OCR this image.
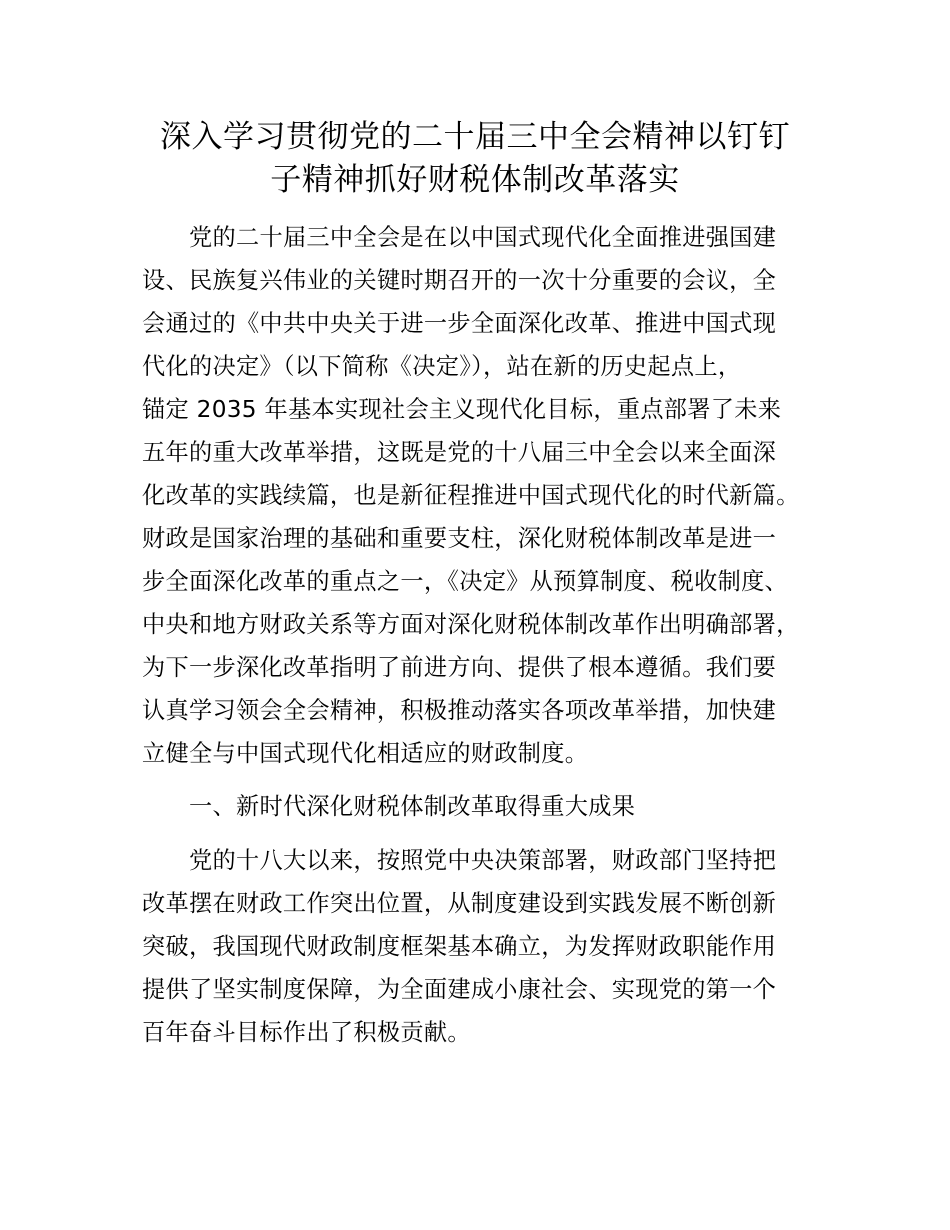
深入学习贯彻党的二十届三中全会精神以钉钉
子精神抓好财税体制改革落实
党的二十届三中全会是在以中国式现代化全面推进强国建
设、民族复兴伟业的关键时期召开的一次十分重要的会议，全
会通过的《中共中央关于进一步全面深化改革、推进中国式现
代化的决定》（以下简称《决定》），站在新的历史起点上，
锚定 2035 年基本实现社会主义现代化目标，重点部署了未来
五年的重大改革举措，这既是党的十八届三中全会以来全面深
化改革的实践续篇，也是新征程推进中国式现代化的时代新篇。
财政是国家治理的基础和重要支柱，深化财税体制改革是进一
步全面深化改革的重点之一，《决定》从预算制度、税收制度、
中央和地方财政关系等方面对深化财税体制改革作出明确部署，
为下一步深化改革指明了前进方向、提供了根本遵循。我们要
认真学习领会全会精神，积极推动落实各项改革举措，加快建
立健全与中国式现代化相适应的财政制度。
一、新时代深化财税体制改革取得重大成果
党的十八大以来，按照党中央决策部署，财政部门坚持把
改革摆在财政工作突出位置，从制度建设到实践发展不断创新
突破，我国现代财政制度框架基本确立，为发挥财政职能作用
提供了坚实制度保障，为全面建成小康社会、实现党的第一个
百年奋斗目标作出了积极贡献。
